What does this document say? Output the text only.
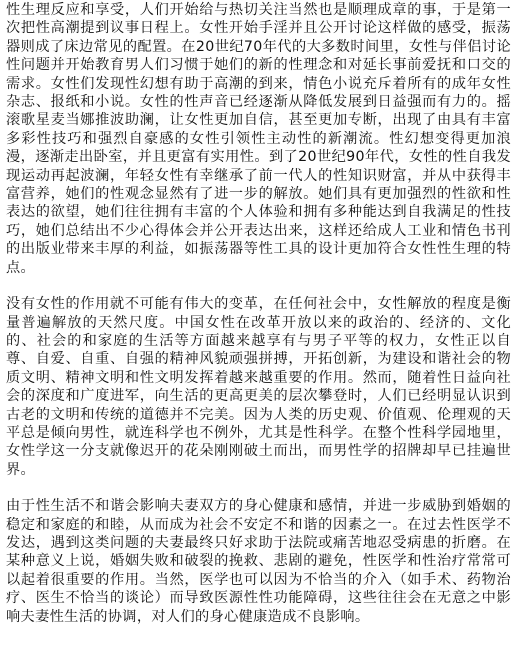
性生理反应和享受，人们开始给与热切关注当然也是顺理成章的事，于是第一次把性高潮提到议事日程上。女性开始手淫并且公开讨论这样做的感受，振荡器则成了床边常见的配置。在20世纪70年代的大多数时间里，女性与伴侣讨论性问题并开始教育男人们习惯于她们的新的性理念和对延长事前爱抚和口交的需求。女性们发现性幻想有助于高潮的到来，情色小说充斥着所有的成年女性杂志、报纸和小说。女性的性声音已经逐渐从降低发展到日益强而有力的。摇滚歌星麦当娜推波助澜，让女性更加自信，甚至更加专断，出现了由具有丰富多彩性技巧和强烈自豪感的女性引领性主动性的新潮流。性幻想变得更加浪漫，逐渐走出卧室，并且更富有实用性。到了20世纪90年代，女性的性自我发现运动再起波澜，年轻女性有幸继承了前一代人的性知识财富，并从中获得丰富营养，她们的性观念显然有了进一步的解放。她们具有更加强烈的性欲和性表达的欲望，她们往往拥有丰富的个人体验和拥有多种能达到自我满足的性技巧，她们总结出不少心得体会并公开表达出来，这样还给成人工业和情色书刊的出版业带来丰厚的利益，如振荡器等性工具的设计更加符合女性性生理的特点。

没有女性的作用就不可能有伟大的变革，在任何社会中，女性解放的程度是衡量普遍解放的天然尺度。中国女性在改革开放以来的政治的、经济的、文化的、社会的和家庭的生活等方面越来越享有与男子平等的权力，女性正以自尊、自爱、自重、自强的精神风貌顽强拼搏，开拓创新，为建设和谐社会的物质文明、精神文明和性文明发挥着越来越重要的作用。然而，随着性日益向社会的深度和广度进军，向生活的更高更美的层次攀登时，人们已经明显认识到古老的文明和传统的道德并不完美。因为人类的历史观、价值观、伦理观的天平总是倾向男性，就连科学也不例外，尤其是性科学。在整个性科学园地里，女性学这一分支就像迟开的花朵刚刚破土而出，而男性学的招牌却早已挂遍世界。

由于性生活不和谐会影响夫妻双方的身心健康和感情，并进一步威胁到婚姻的稳定和家庭的和睦，从而成为社会不安定不和谐的因素之一。在过去性医学不发达，遇到这类问题的夫妻最终只好求助于法院或痛苦地忍受病患的折磨。在某种意义上说，婚姻失败和破裂的挽救、悲剧的避免，性医学和性治疗常常可以起着很重要的作用。当然，医学也可以因为不恰当的介入（如手术、药物治疗、医生不恰当的谈论）而导致医源性性功能障碍，这些往往会在无意之中影响夫妻性生活的协调，对人们的身心健康造成不良影响。
